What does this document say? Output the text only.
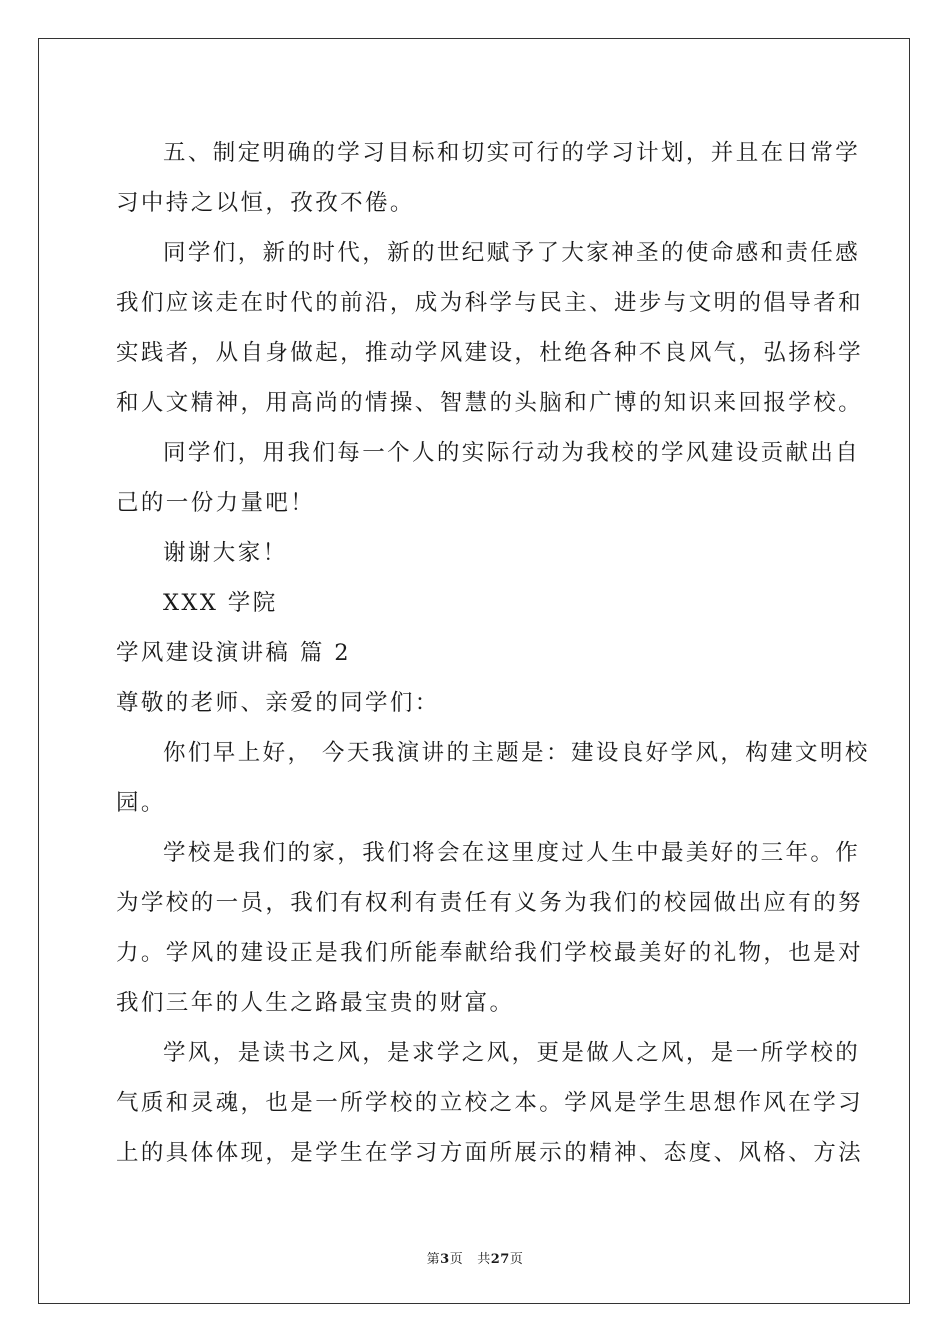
五、制定明确的学习目标和切实可行的学习计划，并且在日常学
习中持之以恒，孜孜不倦。

同学们，新的时代，新的世纪赋予了大家神圣的使命感和责任感
我们应该走在时代的前沿，成为科学与民主、进步与文明的倡导者和
实践者，从自身做起，推动学风建设，杜绝各种不良风气，弘扬科学
和人文精神，用高尚的情操、智慧的头脑和广博的知识来回报学校。

同学们，用我们每一个人的实际行动为我校的学风建设贡献出自
己的一份力量吧！

谢谢大家！

XXX 学院

学风建设演讲稿 篇 2

尊敬的老师、亲爱的同学们：

你们早上好， 今天我演讲的主题是：建设良好学风，构建文明校
园。

学校是我们的家，我们将会在这里度过人生中最美好的三年。作
为学校的一员，我们有权利有责任有义务为我们的校园做出应有的努
力。学风的建设正是我们所能奉献给我们学校最美好的礼物，也是对
我们三年的人生之路最宝贵的财富。

学风，是读书之风，是求学之风，更是做人之风，是一所学校的
气质和灵魂，也是一所学校的立校之本。学风是学生思想作风在学习
上的具体体现，是学生在学习方面所展示的精神、态度、风格、方法

第3页 共27页
